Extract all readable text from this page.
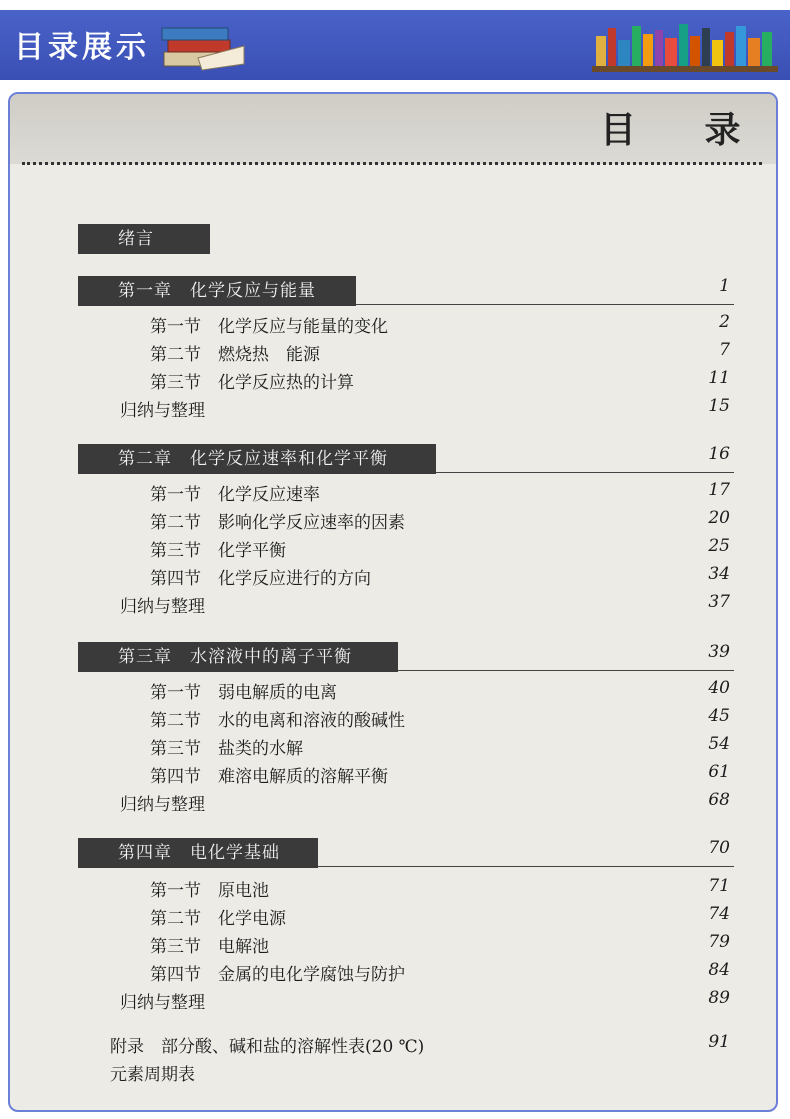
目录展示
目 录
绪言
第一章　化学反应与能量	1
第一节　化学反应与能量的变化	2
第二节　燃烧热　能源	7
第三节　化学反应热的计算	11
归纳与整理	15
第二章　化学反应速率和化学平衡	16
第一节　化学反应速率	17
第二节　影响化学反应速率的因素	20
第三节　化学平衡	25
第四节　化学反应进行的方向	34
归纳与整理	37
第三章　水溶液中的离子平衡	39
第一节　弱电解质的电离	40
第二节　水的电离和溶液的酸碱性	45
第三节　盐类的水解	54
第四节　难溶电解质的溶解平衡	61
归纳与整理	68
第四章　电化学基础	70
第一节　原电池	71
第二节　化学电源	74
第三节　电解池	79
第四节　金属的电化学腐蚀与防护	84
归纳与整理	89
附录　部分酸、碱和盐的溶解性表(20 ℃)	91
元素周期表
